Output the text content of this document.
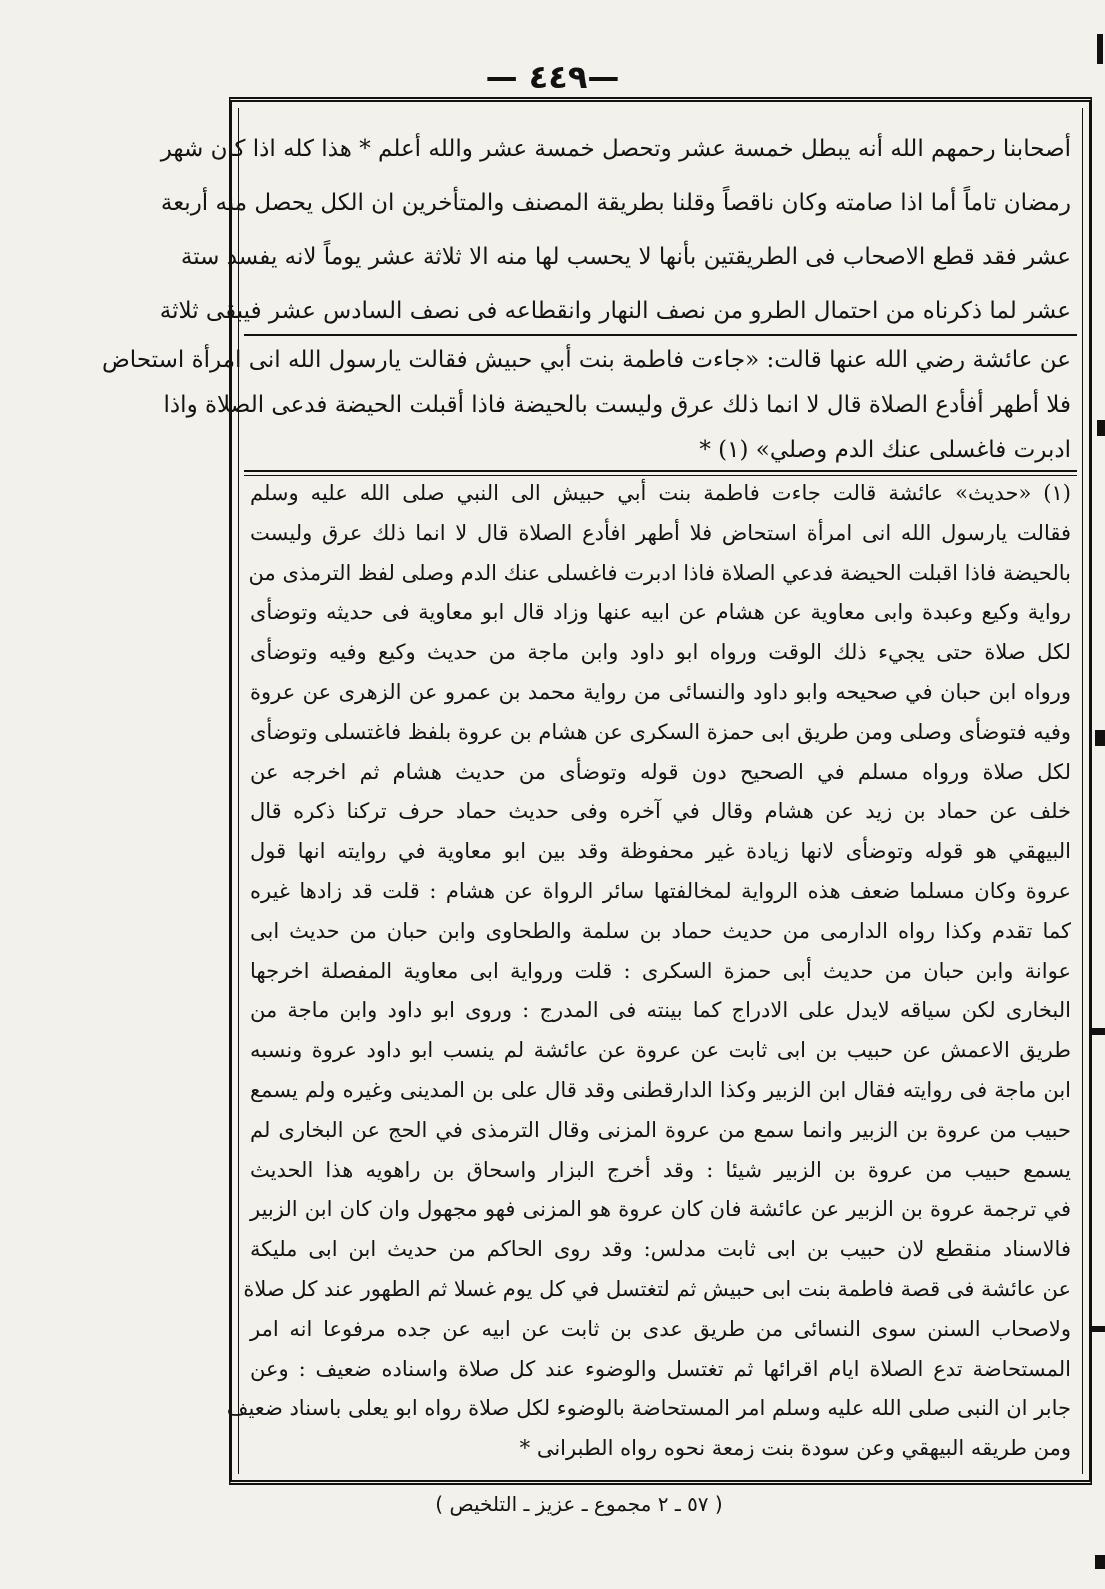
— ٤٤٩—
أصحابنا رحمهم الله أنه يبطل خمسة عشر وتحصل خمسة عشر والله أعلم * هذا كله اذا كان شهر
رمضان تاماً أما اذا صامته وكان ناقصاً وقلنا بطريقة المصنف والمتأخرين ان الكل يحصل منه أربعة
عشر فقد قطع الاصحاب فى الطريقتين بأنها لا يحسب لها منه الا ثلاثة عشر يوماً لانه يفسد ستة
عشر لما ذكرناه من احتمال الطرو من نصف النهار وانقطاعه فى نصف السادس عشر فيبقى ثلاثة
عن عائشة رضي الله عنها قالت: «جاءت فاطمة بنت أبي حبيش فقالت يارسول الله انى امرأة استحاض
فلا أطهر أفأدع الصلاة قال لا انما ذلك عرق وليست بالحيضة فاذا أقبلت الحيضة فدعى الصلاة واذا
ادبرت فاغسلى عنك الدم وصلي» (١) *
(١) «حديث» عائشة قالت جاءت فاطمة بنت أبي حبيش الى النبي صلى الله عليه وسلم
فقالت يارسول الله انى امرأة استحاض فلا أطهر افأدع الصلاة قال لا انما ذلك عرق وليست
بالحيضة فاذا اقبلت الحيضة فدعي الصلاة فاذا ادبرت فاغسلى عنك الدم وصلى لفظ الترمذى من
رواية وكيع وعبدة وابى معاوية عن هشام عن ابيه عنها وزاد قال ابو معاوية فى حديثه وتوضأى
لكل صلاة حتى يجيء ذلك الوقت ورواه ابو داود وابن ماجة من حديث وكيع وفيه وتوضأى
ورواه ابن حبان في صحيحه وابو داود والنسائى من رواية محمد بن عمرو عن الزهرى عن عروة
وفيه فتوضأى وصلى ومن طريق ابى حمزة السكرى عن هشام بن عروة بلفظ فاغتسلى وتوضأى
لكل صلاة ورواه مسلم في الصحيح دون قوله وتوضأى من حديث هشام ثم اخرجه عن
خلف عن حماد بن زيد عن هشام وقال في آخره وفى حديث حماد حرف تركنا ذكره قال
البيهقي هو قوله وتوضأى لانها زيادة غير محفوظة وقد بين ابو معاوية في روايته انها قول
عروة وكان مسلما ضعف هذه الرواية لمخالفتها سائر الرواة عن هشام : قلت قد زادها غيره
كما تقدم وكذا رواه الدارمى من حديث حماد بن سلمة والطحاوى وابن حبان من حديث ابى
عوانة وابن حبان من حديث أبى حمزة السكرى : قلت ورواية ابى معاوية المفصلة اخرجها
البخارى لكن سياقه لايدل على الادراج كما بينته فى المدرج : وروى ابو داود وابن ماجة من
طريق الاعمش عن حبيب بن ابى ثابت عن عروة عن عائشة لم ينسب ابو داود عروة ونسبه
ابن ماجة فى روايته فقال ابن الزبير وكذا الدارقطنى وقد قال على بن المدينى وغيره ولم يسمع
حبيب من عروة بن الزبير وانما سمع من عروة المزنى وقال الترمذى في الحج عن البخارى لم
يسمع حبيب من عروة بن الزبير شيئا : وقد أخرج البزار واسحاق بن راهويه هذا الحديث
في ترجمة عروة بن الزبير عن عائشة فان كان عروة هو المزنى فهو مجهول وان كان ابن الزبير
فالاسناد منقطع لان حبيب بن ابى ثابت مدلس: وقد روى الحاكم من حديث ابن ابى مليكة
عن عائشة فى قصة فاطمة بنت ابى حبيش ثم لتغتسل في كل يوم غسلا ثم الطهور عند كل صلاة
ولاصحاب السنن سوى النسائى من طريق عدى بن ثابت عن ابيه عن جده مرفوعا انه امر
المستحاضة تدع الصلاة ايام اقرائها ثم تغتسل والوضوء عند كل صلاة واسناده ضعيف : وعن
جابر ان النبى صلى الله عليه وسلم امر المستحاضة بالوضوء لكل صلاة رواه ابو يعلى باسناد ضعيف
ومن طريقه البيهقي وعن سودة بنت زمعة نحوه رواه الطبرانى *
( ٥٧ ـ ٢ مجموع ـ عزيز ـ التلخيص )
